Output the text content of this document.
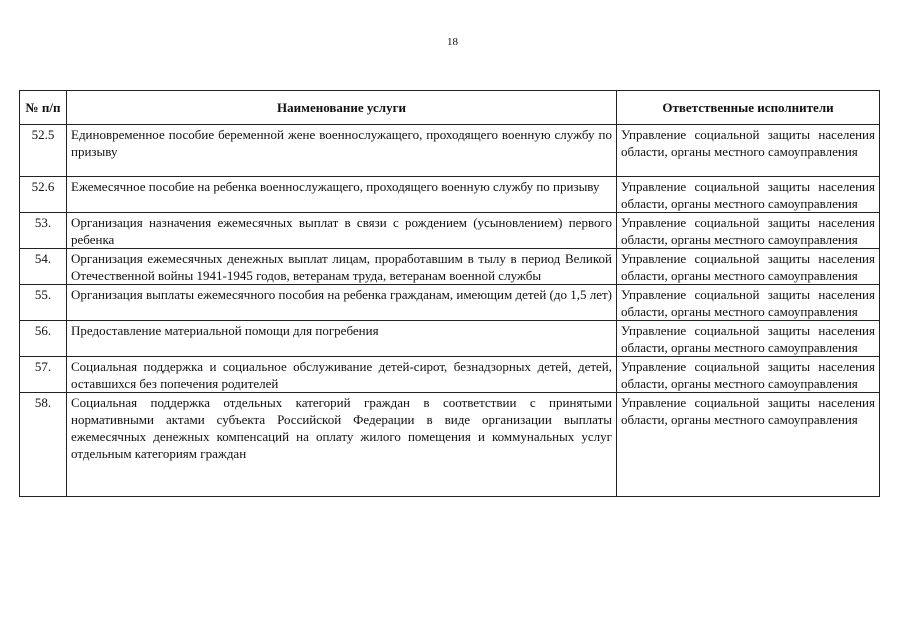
18
№ п/п	Наименование услуги	Ответственные исполнители
52.5	Единовременное пособие беременной жене военнослужащего, проходящего военную службу по призыву	Управление социальной защиты населения области, органы местного самоуправления
52.6	Ежемесячное пособие на ребенка военнослужащего, проходящего военную службу по призыву	Управление социальной защиты населения области, органы местного самоуправления
53.	Организация назначения ежемесячных выплат в связи с рождением (усыновлением) первого ребенка	Управление социальной защиты населения области, органы местного самоуправления
54.	Организация ежемесячных денежных выплат лицам, проработавшим в тылу в период Великой Отечественной войны 1941-1945 годов, ветеранам труда, ветеранам военной службы	Управление социальной защиты населения области, органы местного самоуправления
55.	Организация выплаты ежемесячного пособия на ребенка гражданам, имеющим детей (до 1,5 лет)	Управление социальной защиты населения области, органы местного самоуправления
56.	Предоставление материальной помощи для погребения	Управление социальной защиты населения области, органы местного самоуправления
57.	Социальная поддержка и социальное обслуживание детей-сирот, безнадзорных детей, детей, оставшихся без попечения родителей	Управление социальной защиты населения области, органы местного самоуправления
58.	Социальная поддержка отдельных категорий граждан в соответствии с принятыми нормативными актами субъекта Российской Федерации в виде организации выплаты ежемесячных денежных компенсаций на оплату жилого помещения и коммунальных услуг отдельным категориям граждан	Управление социальной защиты населения области, органы местного самоуправления
